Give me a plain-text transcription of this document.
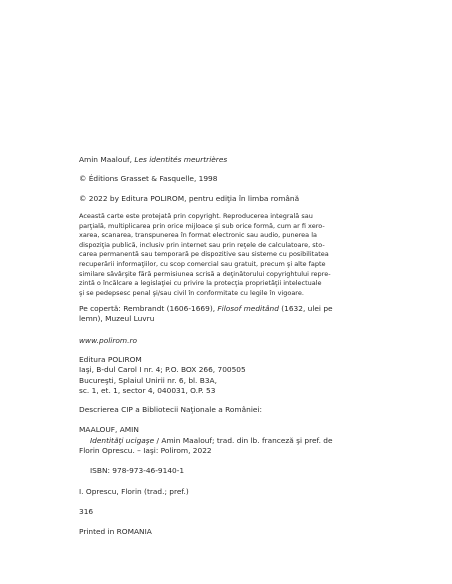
Amin Maalouf, Les identités meurtrières

© Éditions Grasset & Fasquelle, 1998

© 2022 by Editura POLIROM, pentru ediţia în limba română

Această carte este protejată prin copyright. Reproducerea integrală sau
parţială, multiplicarea prin orice mijloace şi sub orice formă, cum ar fi xero-
xarea, scanarea, transpunerea în format electronic sau audio, punerea la
dispoziţia publică, inclusiv prin internet sau prin reţele de calculatoare, sto-
carea permanentă sau temporară pe dispozitive sau sisteme cu posibilitatea
recuperării informaţiilor, cu scop comercial sau gratuit, precum şi alte fapte
similare săvârşite fără permisiunea scrisă a deţinătorului copyrightului repre-
zintă o încălcare a legislaţiei cu privire la protecţia proprietăţii intelectuale
şi se pedepsesc penal şi/sau civil în conformitate cu legile în vigoare.
Pe copertă: Rembrandt (1606-1669), Filosof meditând (1632, ulei pe
lemn), Muzeul Luvru

www.polirom.ro

Editura POLIROM
Iaşi, B-dul Carol I nr. 4; P.O. BOX 266, 700505
Bucureşti, Splaiul Unirii nr. 6, bl. B3A,
sc. 1, et. 1, sector 4, 040031, O.P. 53

Descrierea CIP a Bibliotecii Naţionale a României:

MAALOUF, AMIN

Identităţi ucigaşe / Amin Maalouf; trad. din lb. franceză şi pref. de

Florin Oprescu. – Iaşi: Polirom, 2022

ISBN: 978-973-46-9140-1

I. Oprescu, Florin (trad.; pref.)

316

Printed in ROMANIA
